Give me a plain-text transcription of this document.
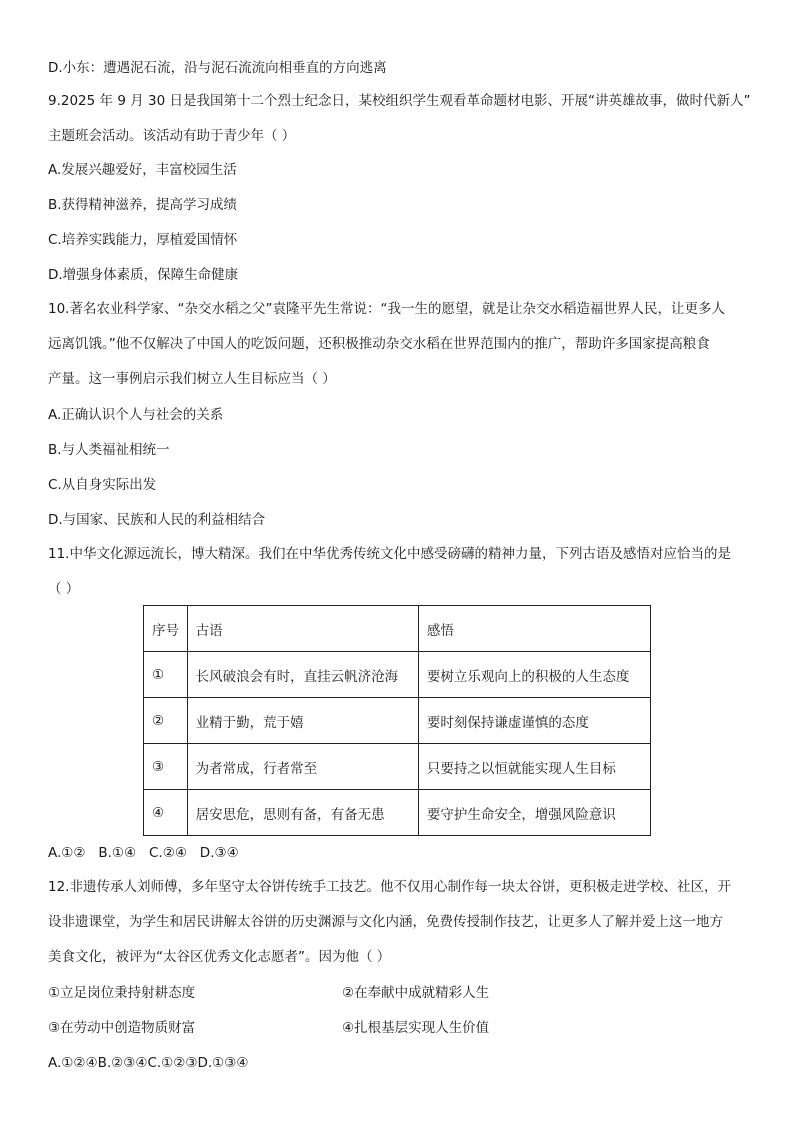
D.小东：遭遇泥石流，沿与泥石流流向相垂直的方向逃离
9.2025 年 9 月 30 日是我国第十二个烈士纪念日，某校组织学生观看革命题材电影、开展“讲英雄故事，做时代新人”
主题班会活动。该活动有助于青少年（ ）
A.发展兴趣爱好，丰富校园生活
B.获得精神滋养，提高学习成绩
C.培养实践能力，厚植爱国情怀
D.增强身体素质，保障生命健康
10.著名农业科学家、“杂交水稻之父”袁隆平先生常说：“我一生的愿望，就是让杂交水稻造福世界人民，让更多人
远离饥饿。”他不仅解决了中国人的吃饭问题，还积极推动杂交水稻在世界范围内的推广，帮助许多国家提高粮食
产量。这一事例启示我们树立人生目标应当（ ）
A.正确认识个人与社会的关系
B.与人类福祉相统一
C.从自身实际出发
D.与国家、民族和人民的利益相结合
11.中华文化源远流长，博大精深。我们在中华优秀传统文化中感受磅礴的精神力量，下列古语及感悟对应恰当的是
（ ）
序号	古语	感悟
①	长风破浪会有时，直挂云帆济沧海	要树立乐观向上的积极的人生态度
②	业精于勤，荒于嬉	要时刻保持谦虚谨慎的态度
③	为者常成，行者常至	只要持之以恒就能实现人生目标
④	居安思危，思则有备，有备无患	要守护生命安全，增强风险意识
A.①②   B.①④   C.②④   D.③④
12.非遗传承人刘师傅，多年坚守太谷饼传统手工技艺。他不仅用心制作每一块太谷饼，更积极走进学校、社区，开
设非遗课堂，为学生和居民讲解太谷饼的历史渊源与文化内涵，免费传授制作技艺，让更多人了解并爱上这一地方
美食文化，被评为“太谷区优秀文化志愿者”。因为他（ ）
①立足岗位秉持射耕态度	②在奉献中成就精彩人生
③在劳动中创造物质财富	④扎根基层实现人生价值
A.①②④B.②③④C.①②③D.①③④
